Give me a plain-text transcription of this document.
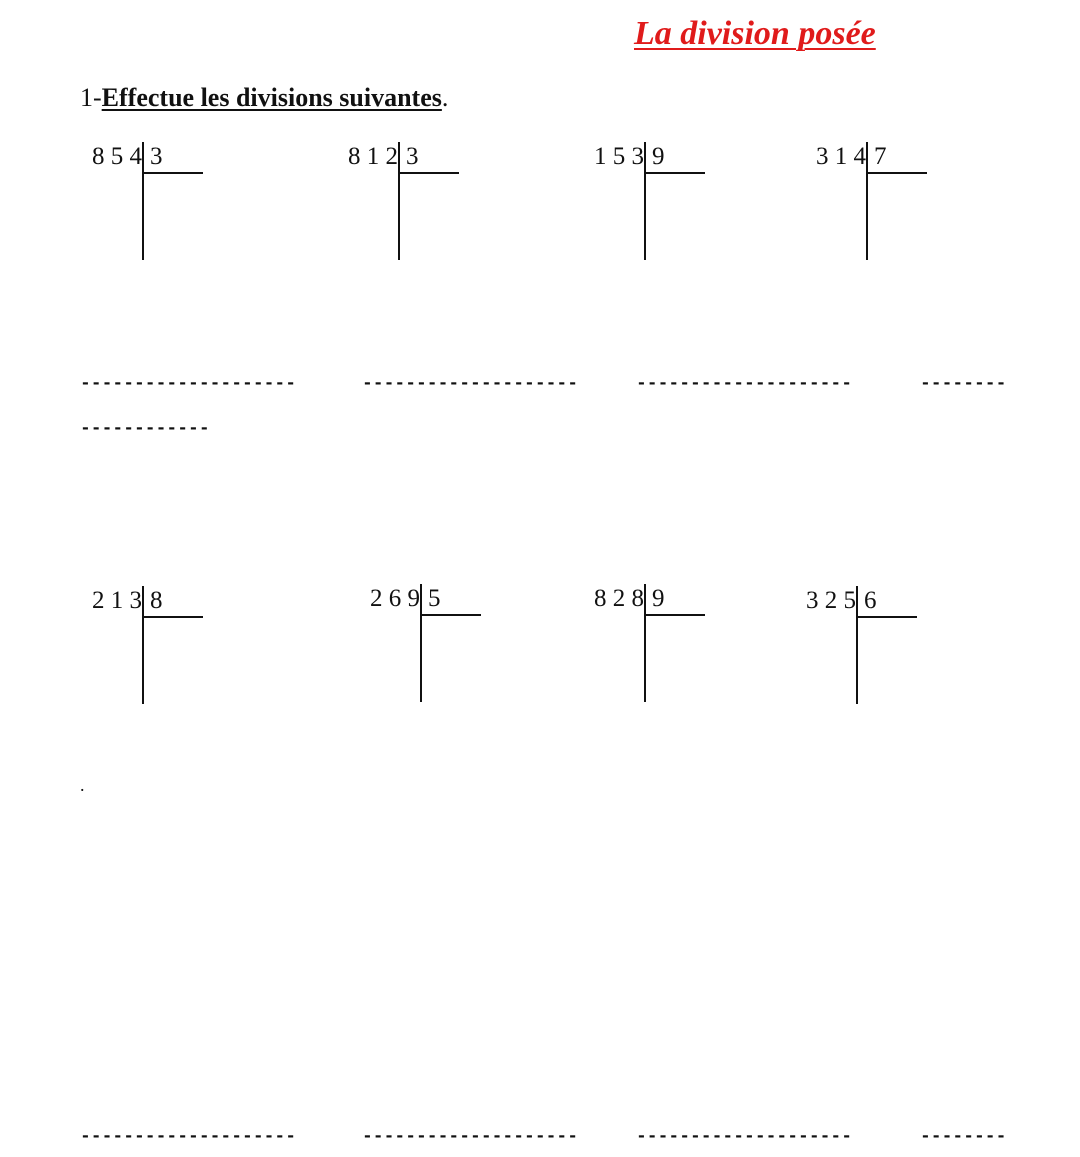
La division posée
1-Effectue les divisions suivantes.
8 5 4 3	8 1 2 3	1 5 3 9	3 1 4 7
--------------------	--------------------	--------------------	--------
------------
2 1 3 8	2 6 9 5	8 2 8 9	3 2 5 6
.
--------------------	--------------------	--------------------	--------
